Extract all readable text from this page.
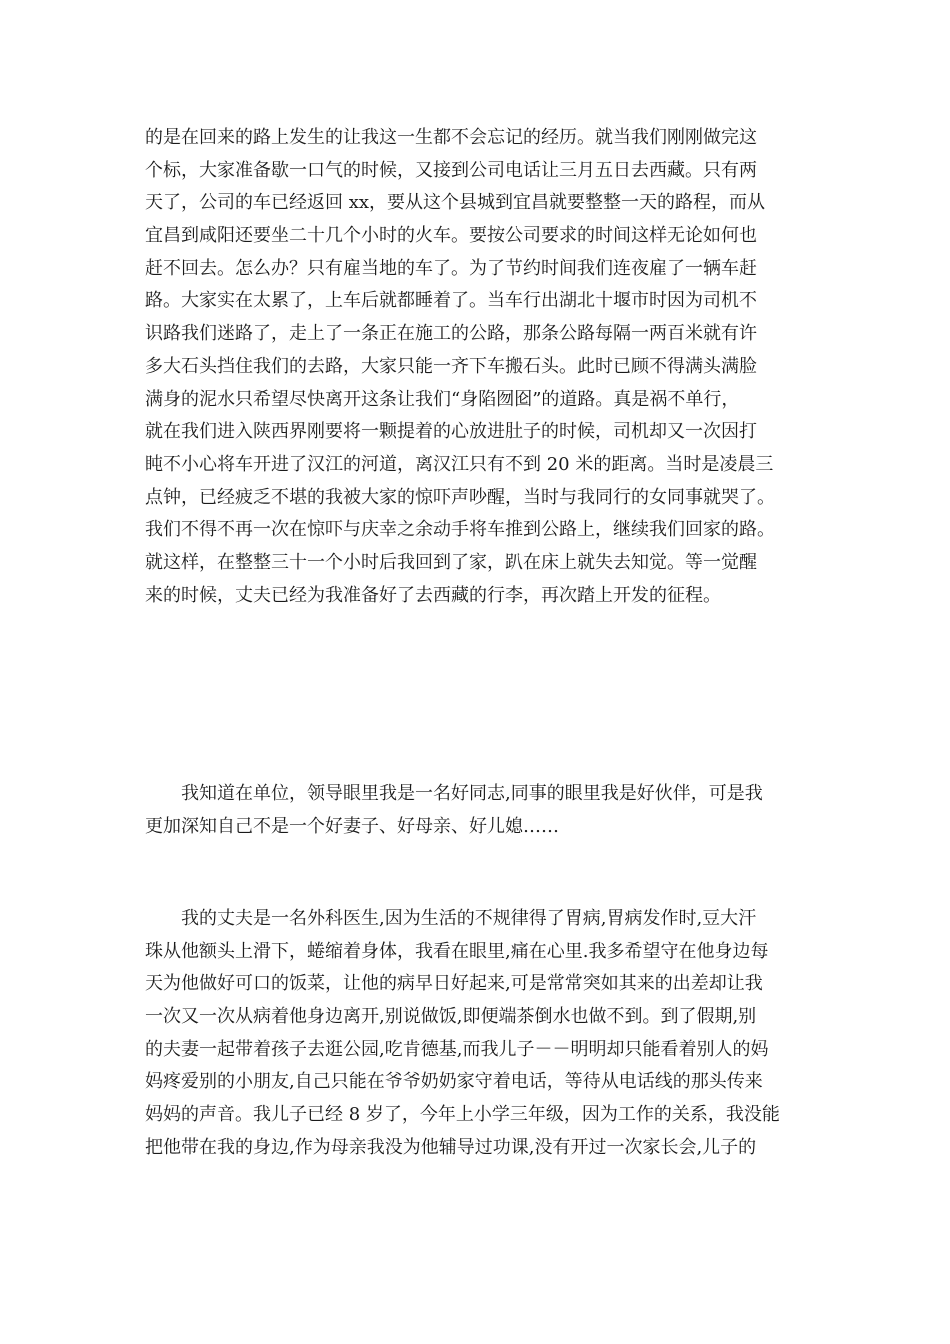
的是在回来的路上发生的让我这一生都不会忘记的经历。就当我们刚刚做完这
个标，大家准备歇一口气的时候，又接到公司电话让三月五日去西藏。只有两
天了，公司的车已经返回 xx，要从这个县城到宜昌就要整整一天的路程，而从
宜昌到咸阳还要坐二十几个小时的火车。要按公司要求的时间这样无论如何也
赶不回去。怎么办？只有雇当地的车了。为了节约时间我们连夜雇了一辆车赶
路。大家实在太累了，上车后就都睡着了。当车行出湖北十堰市时因为司机不
识路我们迷路了，走上了一条正在施工的公路，那条公路每隔一两百米就有许
多大石头挡住我们的去路，大家只能一齐下车搬石头。此时已顾不得满头满脸
满身的泥水只希望尽快离开这条让我们“身陷囫囵”的道路。真是祸不单行，
就在我们进入陕西界刚要将一颗提着的心放进肚子的时候，司机却又一次因打
盹不小心将车开进了汉江的河道，离汉江只有不到 20 米的距离。当时是凌晨三
点钟，已经疲乏不堪的我被大家的惊吓声吵醒，当时与我同行的女同事就哭了。
我们不得不再一次在惊吓与庆幸之余动手将车推到公路上，继续我们回家的路。
就这样，在整整三十一个小时后我回到了家，趴在床上就失去知觉。等一觉醒
来的时候，丈夫已经为我准备好了去西藏的行李，再次踏上开发的征程。
我知道在单位，领导眼里我是一名好同志,同事的眼里我是好伙伴，可是我
更加深知自己不是一个好妻子、好母亲、好儿媳……
我的丈夫是一名外科医生,因为生活的不规律得了胃病,胃病发作时,豆大汗
珠从他额头上滑下，蜷缩着身体，我看在眼里,痛在心里.我多希望守在他身边每
天为他做好可口的饭菜，让他的病早日好起来,可是常常突如其来的出差却让我
一次又一次从病着他身边离开,别说做饭,即便端茶倒水也做不到。到了假期,别
的夫妻一起带着孩子去逛公园,吃肯德基,而我儿子－－明明却只能看着别人的妈
妈疼爱别的小朋友,自己只能在爷爷奶奶家守着电话，等待从电话线的那头传来
妈妈的声音。我儿子已经 8 岁了，今年上小学三年级，因为工作的关系，我没能
把他带在我的身边,作为母亲我没为他辅导过功课,没有开过一次家长会,儿子的
